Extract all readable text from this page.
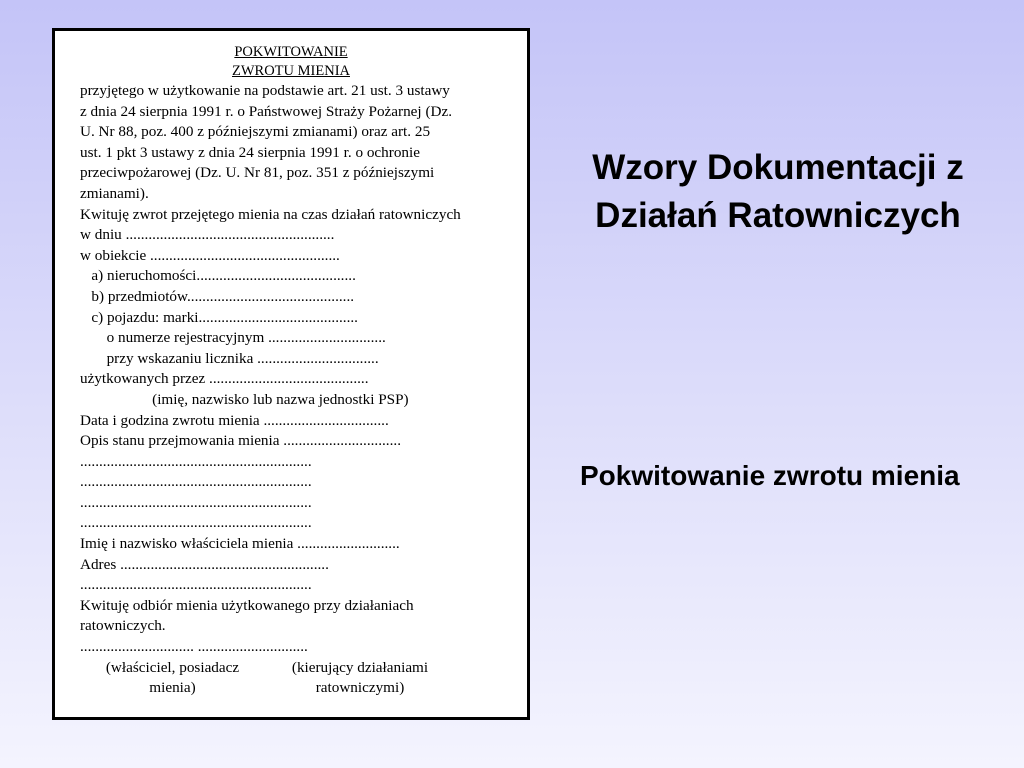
POKWITOWANIE
ZWROTU MIENIA
przyjętego w użytkowanie na podstawie art. 21 ust. 3 ustawy
z dnia 24 sierpnia 1991 r. o Państwowej Straży Pożarnej (Dz.
U. Nr 88, poz. 400 z późniejszymi zmianami) oraz art. 25
ust. 1 pkt 3 ustawy z dnia 24 sierpnia 1991 r. o ochronie
przeciwpożarowej (Dz. U. Nr 81, poz. 351 z późniejszymi
zmianami).
Kwituję zwrot przejętego mienia na czas działań ratowniczych
w dniu .......................................................
w obiekcie ..................................................
a) nieruchomości..........................................
b) przedmiotów............................................
c) pojazdu: marki..........................................
o numerze rejestracyjnym ...............................
przy wskazaniu licznika ................................
użytkowanych przez ..........................................
(imię, nazwisko lub nazwa jednostki PSP)
Data i godzina zwrotu mienia .................................
Opis stanu przejmowania mienia ...............................
.............................................................
.............................................................
.............................................................
.............................................................
Imię i nazwisko właściciela mienia ...........................
Adres .......................................................
.............................................................
Kwituję odbiór mienia użytkowanego przy działaniach
ratowniczych.
.............................. .............................
(właściciel, posiadacz
mienia)
(kierujący działaniami
ratowniczymi)
Wzory Dokumentacji z
Działań Ratowniczych
Pokwitowanie zwrotu mienia
